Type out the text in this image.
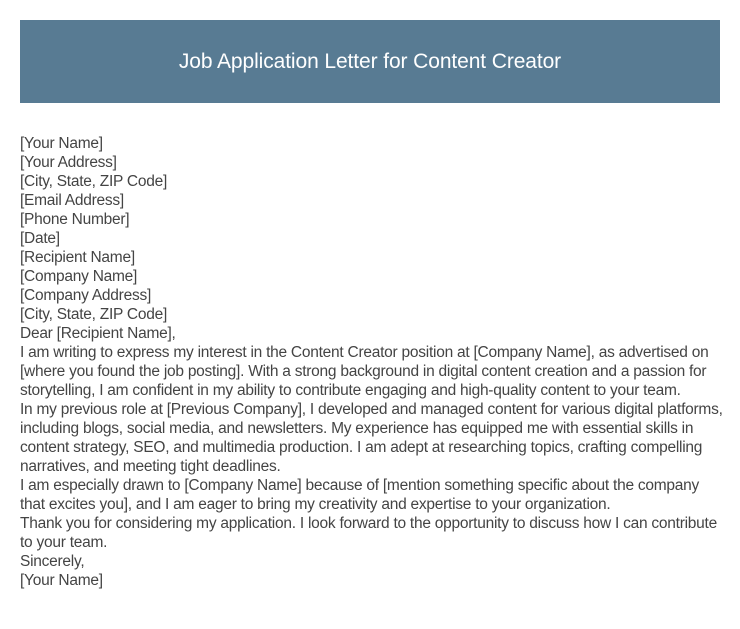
Job Application Letter for Content Creator
[Your Name]
[Your Address]
[City, State, ZIP Code]
[Email Address]
[Phone Number]
[Date]
[Recipient Name]
[Company Name]
[Company Address]
[City, State, ZIP Code]
Dear [Recipient Name],
I am writing to express my interest in the Content Creator position at [Company Name], as advertised on [where you found the job posting]. With a strong background in digital content creation and a passion for storytelling, I am confident in my ability to contribute engaging and high-quality content to your team.
In my previous role at [Previous Company], I developed and managed content for various digital platforms, including blogs, social media, and newsletters. My experience has equipped me with essential skills in content strategy, SEO, and multimedia production. I am adept at researching topics, crafting compelling narratives, and meeting tight deadlines.
I am especially drawn to [Company Name] because of [mention something specific about the company that excites you], and I am eager to bring my creativity and expertise to your organization.
Thank you for considering my application. I look forward to the opportunity to discuss how I can contribute to your team.
Sincerely,
[Your Name]
